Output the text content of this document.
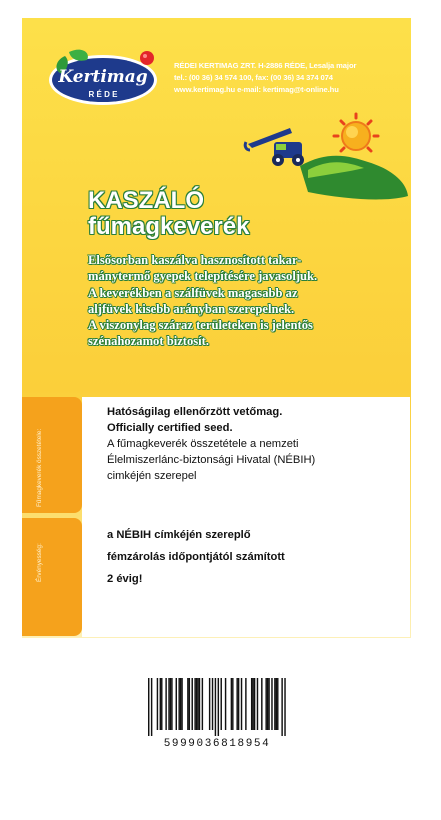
Kertimag
R É D E
RÉDEI KERTIMAG ZRT. H-2886 RÉDE, Lesalja major
tel.: (00 36) 34 574 100, fax: (00 36) 34 374 074
www.kertimag.hu e-mail: kertimag@t-online.hu
KASZÁLÓ
fűmagkeverék
Elsősorban kaszálva hasznosított takar-
mánytermő gyepek telepítésére javasoljuk.
A keverékben a szálfüvek magasabb az
aljfüvek kisebb arányban szerepelnek.
A viszonylag száraz területeken is jelentős
szénahozamot biztosít.
Fűmagkeverék összetétele:
Érvényesség:
Hatóságilag ellenőrzött vetőmag.
Officially certified seed.
A fűmagkeverék összetétele a nemzeti
Élelmiszerlánc-biztonsági Hivatal (NÉBIH)
cimkéjén szerepel
a NÉBIH címkéjén szereplő
fémzárolás időpontjától számított
2 évig!
5999036818954
